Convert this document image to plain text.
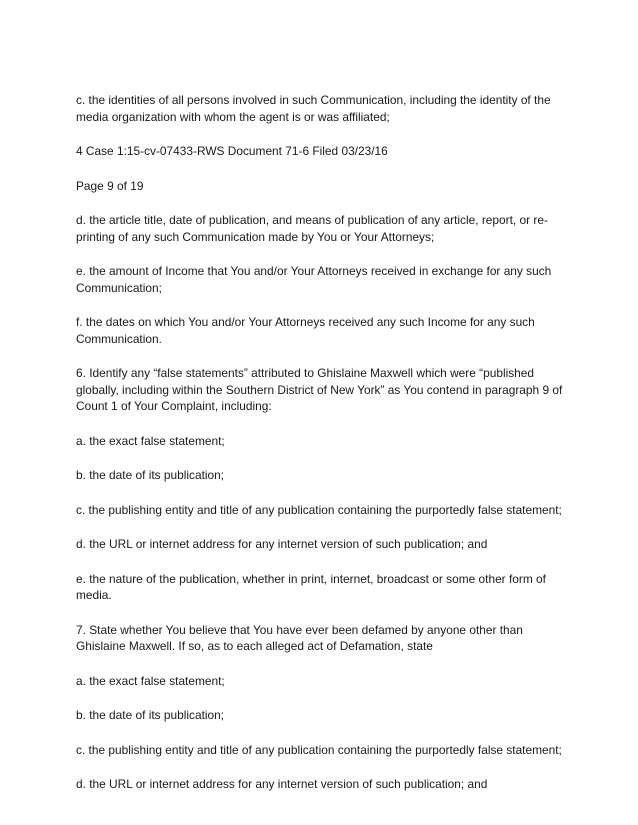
c. the identities of all persons involved in such Communication, including the identity of the media organization with whom the agent is or was affiliated;

4 Case 1:15-cv-07433-RWS Document 71-6 Filed 03/23/16

Page 9 of 19

d. the article title, date of publication, and means of publication of any article, report, or re-printing of any such Communication made by You or Your Attorneys;

e. the amount of Income that You and/or Your Attorneys received in exchange for any such Communication;

f. the dates on which You and/or Your Attorneys received any such Income for any such Communication.

6. Identify any “false statements” attributed to Ghislaine Maxwell which were “published globally, including within the Southern District of New York” as You contend in paragraph 9 of Count 1 of Your Complaint, including:

a. the exact false statement;

b. the date of its publication;

c. the publishing entity and title of any publication containing the purportedly false statement;

d. the URL or internet address for any internet version of such publication; and

e. the nature of the publication, whether in print, internet, broadcast or some other form of media.

7. State whether You believe that You have ever been defamed by anyone other than Ghislaine Maxwell. If so, as to each alleged act of Defamation, state

a. the exact false statement;

b. the date of its publication;

c. the publishing entity and title of any publication containing the purportedly false statement;

d. the URL or internet address for any internet version of such publication; and
